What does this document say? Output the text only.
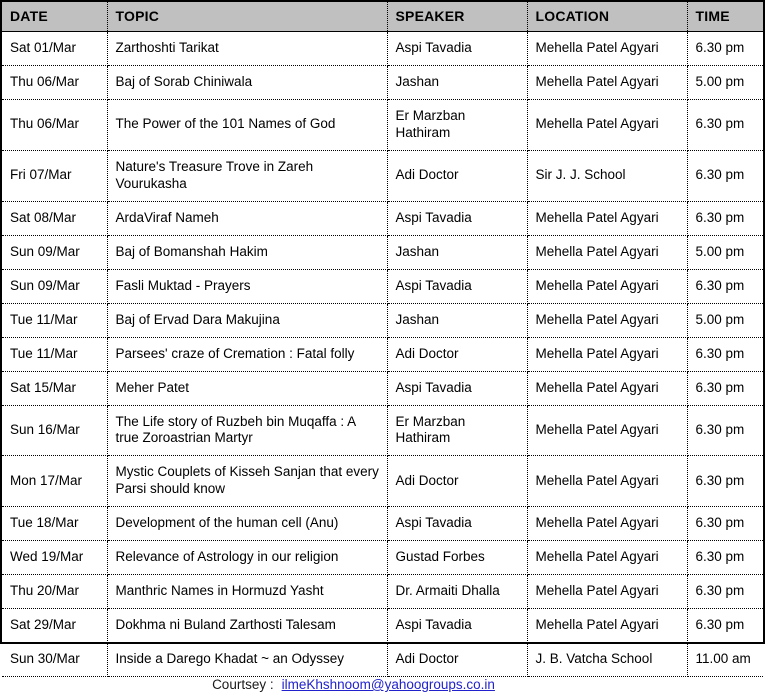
DATE	TOPIC	SPEAKER	LOCATION	TIME
Sat 01/Mar	Zarthoshti Tarikat	Aspi Tavadia	Mehella Patel Agyari	6.30 pm
Thu 06/Mar	Baj of Sorab Chiniwala	Jashan	Mehella Patel Agyari	5.00 pm
Thu 06/Mar	The Power of the 101 Names of God	Er Marzban Hathiram	Mehella Patel Agyari	6.30 pm
Fri 07/Mar	Nature's Treasure Trove in Zareh Vourukasha	Adi Doctor	Sir J. J. School	6.30 pm
Sat 08/Mar	ArdaViraf Nameh	Aspi Tavadia	Mehella Patel Agyari	6.30 pm
Sun 09/Mar	Baj of Bomanshah Hakim	Jashan	Mehella Patel Agyari	5.00 pm
Sun 09/Mar	Fasli Muktad - Prayers	Aspi Tavadia	Mehella Patel Agyari	6.30 pm
Tue 11/Mar	Baj of Ervad Dara Makujina	Jashan	Mehella Patel Agyari	5.00 pm
Tue 11/Mar	Parsees' craze of Cremation : Fatal folly	Adi Doctor	Mehella Patel Agyari	6.30 pm
Sat 15/Mar	Meher Patet	Aspi Tavadia	Mehella Patel Agyari	6.30 pm
Sun 16/Mar	The Life story of Ruzbeh bin Muqaffa : A true Zoroastrian Martyr	Er Marzban Hathiram	Mehella Patel Agyari	6.30 pm
Mon 17/Mar	Mystic Couplets of Kisseh Sanjan that every Parsi should know	Adi Doctor	Mehella Patel Agyari	6.30 pm
Tue 18/Mar	Development of the human cell (Anu)	Aspi Tavadia	Mehella Patel Agyari	6.30 pm
Wed 19/Mar	Relevance of Astrology in our religion	Gustad Forbes	Mehella Patel Agyari	6.30 pm
Thu 20/Mar	Manthric Names in Hormuzd Yasht	Dr. Armaiti Dhalla	Mehella Patel Agyari	6.30 pm
Sat 29/Mar	Dokhma ni Buland Zarthosti Talesam	Aspi Tavadia	Mehella Patel Agyari	6.30 pm
Sun 30/Mar	Inside a Darego Khadat ~ an Odyssey	Adi Doctor	J. B. Vatcha School	11.00 am
Courtsey : ilmeKhshnoom@yahoogroups.co.in
